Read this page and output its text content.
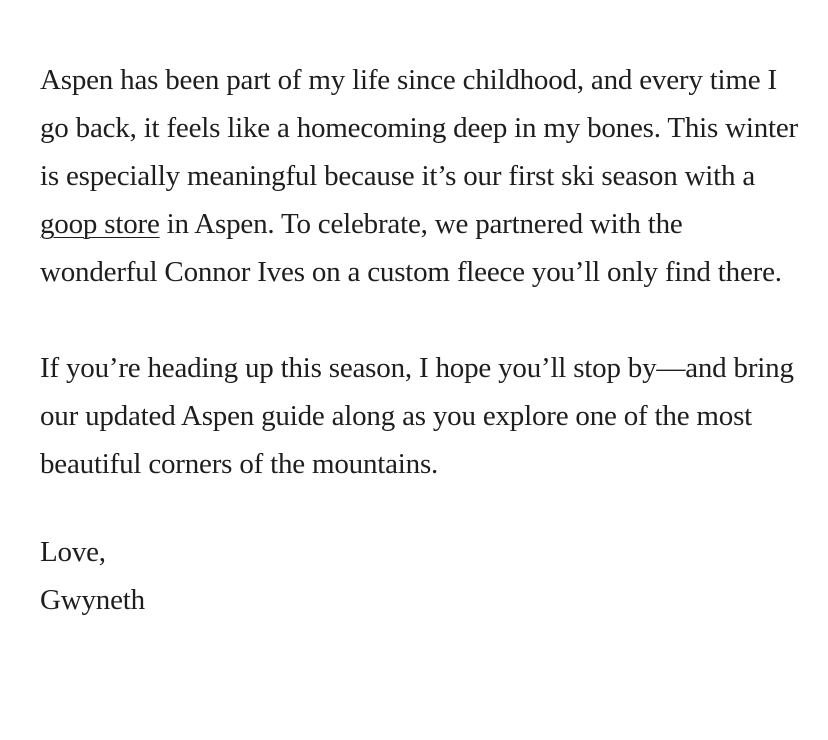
Aspen has been part of my life since childhood, and every time I go back, it feels like a homecoming deep in my bones. This winter is especially meaningful because it’s our first ski season with a goop store in Aspen. To celebrate, we partnered with the wonderful Connor Ives on a custom fleece you’ll only find there.

If you’re heading up this season, I hope you’ll stop by—and bring our updated Aspen guide along as you explore one of the most beautiful corners of the mountains.

Love,

Gwyneth
